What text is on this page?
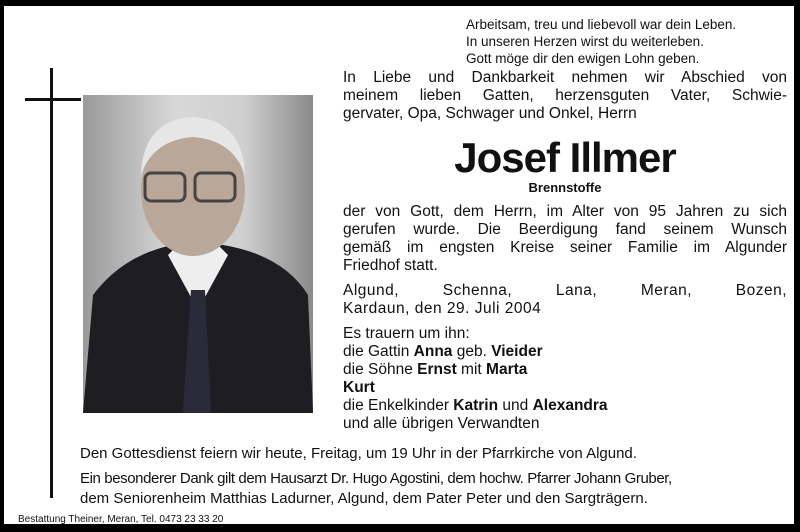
Arbeitsam, treu und liebevoll war dein Leben.
In unseren Herzen wirst du weiterleben.
Gott möge dir den ewigen Lohn geben.
In Liebe und Dankbarkeit nehmen wir Abschied von
meinem lieben Gatten, herzensguten Vater, Schwie-
gervater, Opa, Schwager und Onkel, Herrn
Josef Illmer
Brennstoffe
der von Gott, dem Herrn, im Alter von 95 Jahren zu sich
gerufen wurde. Die Beerdigung fand seinem Wunsch
gemäß im engsten Kreise seiner Familie im Algunder
Friedhof statt.
Algund, Schenna, Lana, Meran, Bozen,
Kardaun, den 29. Juli 2004
Es trauern um ihn:
die Gattin Anna geb. Vieider
die Söhne Ernst mit Marta
Kurt
die Enkelkinder Katrin und Alexandra
und alle übrigen Verwandten
Den Gottesdienst feiern wir heute, Freitag, um 19 Uhr in der Pfarrkirche von Algund.
Ein besonderer Dank gilt dem Hausarzt Dr. Hugo Agostini, dem hochw. Pfarrer Johann Gruber,
dem Seniorenheim Matthias Ladurner, Algund, dem Pater Peter und den Sargträgern.
Bestattung Theiner, Meran, Tel. 0473 23 33 20
